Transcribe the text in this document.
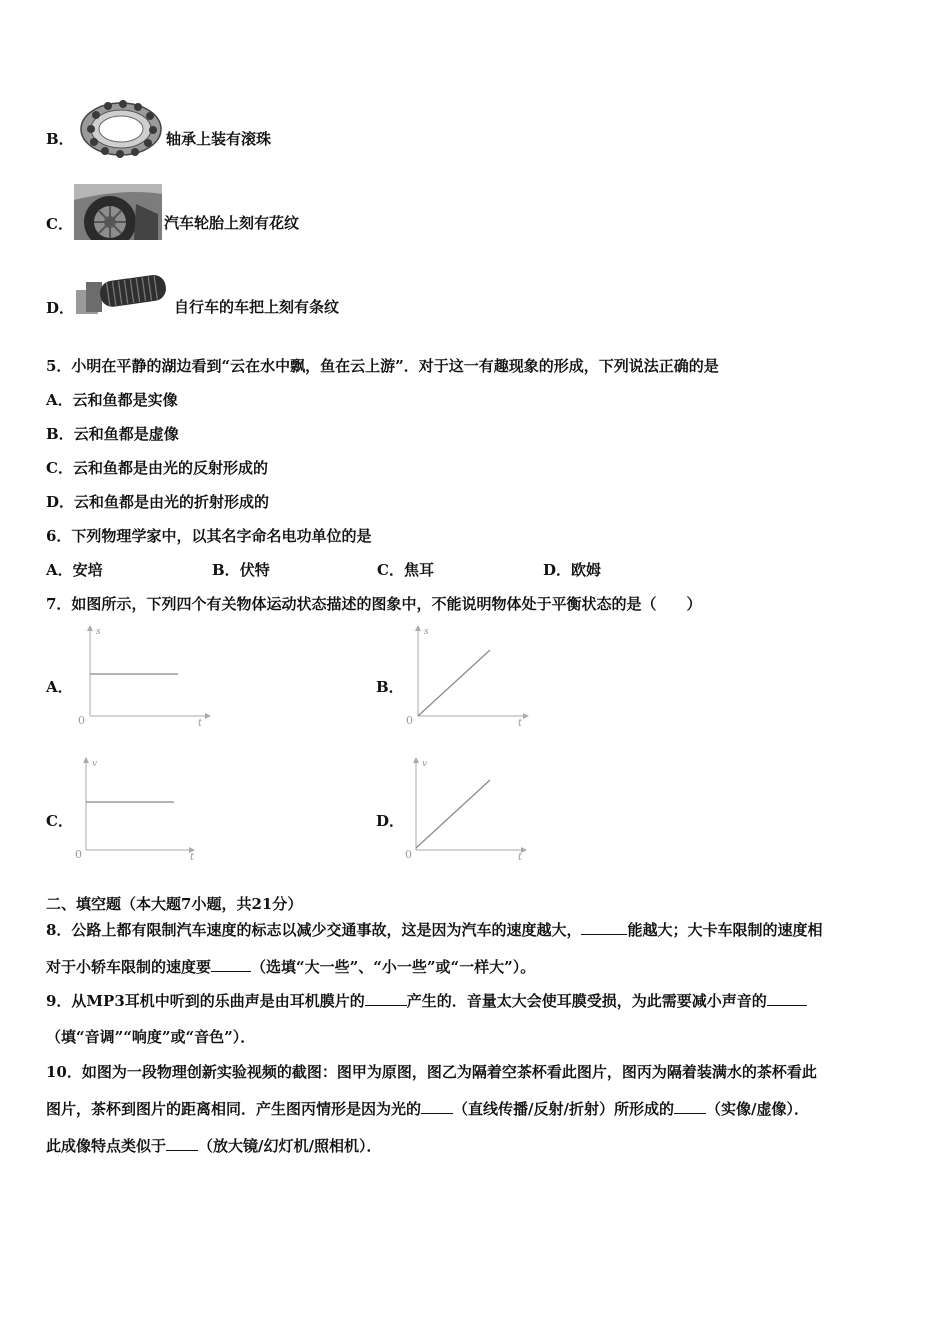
B．	轴承上装有滚珠
C．	汽车轮胎上刻有花纹
D．	自行车的车把上刻有条纹
5．小明在平静的湖边看到“云在水中飘，鱼在云上游”．对于这一有趣现象的形成，下列说法正确的是
A．云和鱼都是实像
B．云和鱼都是虚像
C．云和鱼都是由光的反射形成的
D．云和鱼都是由光的折射形成的
6．下列物理学家中，以其名字命名电功单位的是
A．安培	B．伏特	C．焦耳	D．欧姆
7．如图所示，下列四个有关物体运动状态描述的图象中，不能说明物体处于平衡状态的是（　　）
A．
s
0	t
B．
s
0	t
C．
v
0	t
D．
v
0	t
二、填空题（本大题7小题，共21分）
8．公路上都有限制汽车速度的标志以减少交通事故，这是因为汽车的速度越大，	能越大；大卡车限制的速度相
对于小轿车限制的速度要	（选填“大一些”、“小一些”或“一样大”）。
9．从MP3耳机中听到的乐曲声是由耳机膜片的	产生的．音量太大会使耳膜受损，为此需要减小声音的
（填“音调”“响度”或“音色”）．
10．如图为一段物理创新实验视频的截图：图甲为原图，图乙为隔着空茶杯看此图片，图丙为隔着装满水的茶杯看此
图片，茶杯到图片的距离相同．产生图丙情形是因为光的 （直线传播/反射/折射）所形成的 （实像/虚像）．
此成像特点类似于 （放大镜/幻灯机/照相机）．
